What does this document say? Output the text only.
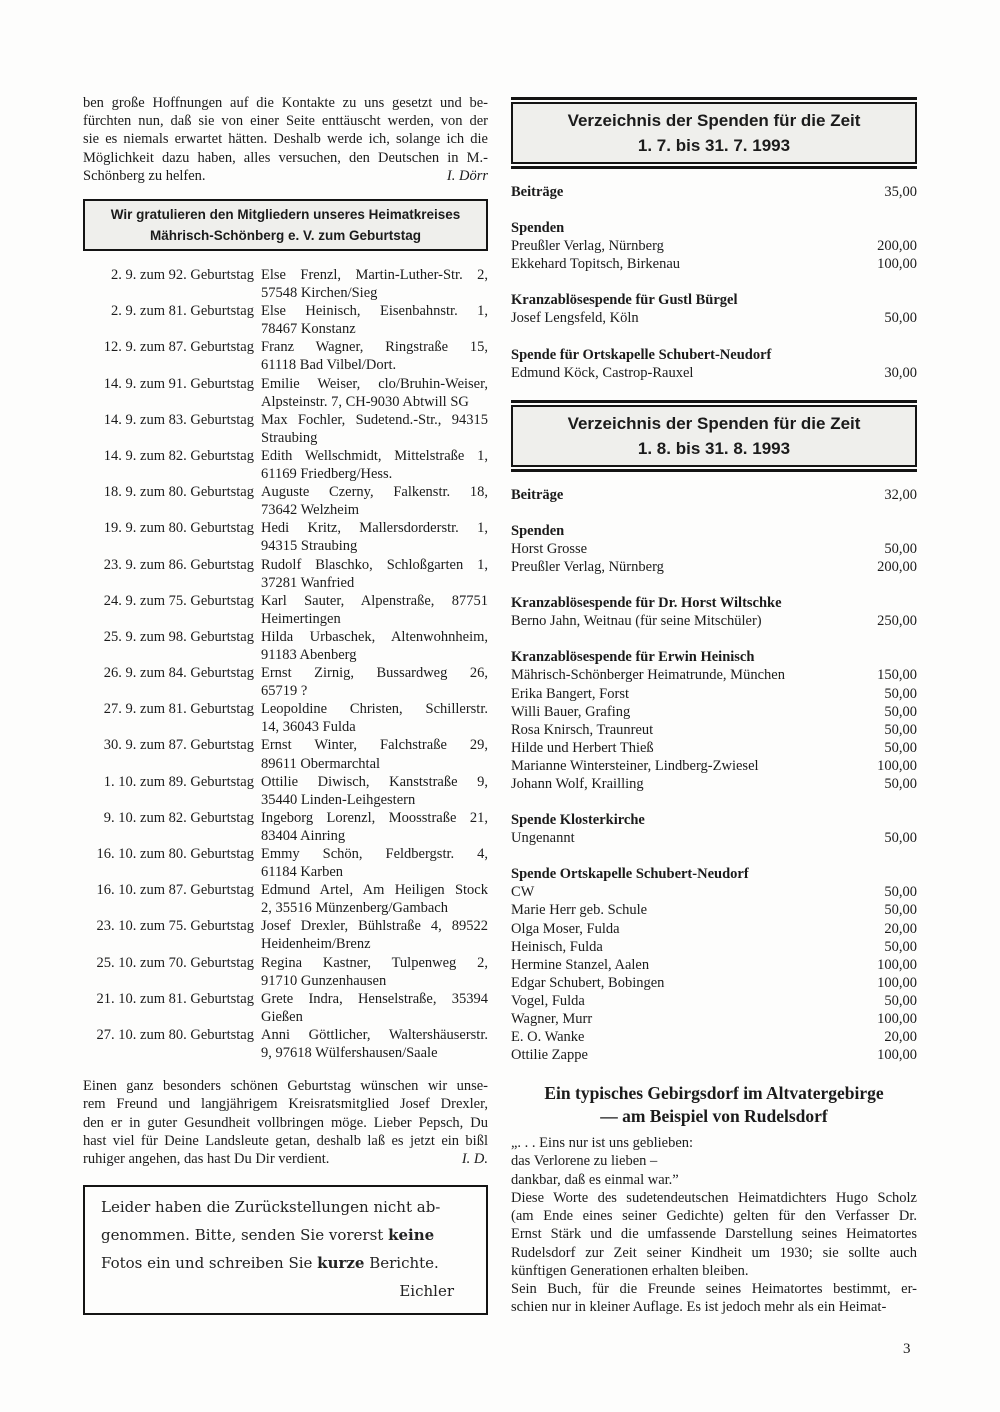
ben große Hoffnungen auf die Kontakte zu uns gesetzt und be-
fürchten nun, daß sie von einer Seite enttäuscht werden, von der
sie es niemals erwartet hätten. Deshalb werde ich, solange ich die
Möglichkeit dazu haben, alles versuchen, den Deutschen in M.-
Schönberg zu helfen.	I. Dörr
Wir gratulieren den Mitgliedern unseres Heimatkreises
Mährisch-Schönberg e. V. zum Geburtstag
2. 9. zum 92. Geburtstag Else Frenzl, Martin-Luther-Str. 2,
57548 Kirchen/Sieg
2. 9. zum 81. Geburtstag Else Heinisch, Eisenbahnstr. 1,
78467 Konstanz
12. 9. zum 87. Geburtstag Franz Wagner, Ringstraße 15,
61118 Bad Vilbel/Dort.
14. 9. zum 91. Geburtstag Emilie Weiser, clo/Bruhin-Weiser,
Alpsteinstr. 7, CH-9030 Abtwill SG
14. 9. zum 83. Geburtstag Max Fochler, Sudetend.-Str., 94315
Straubing
14. 9. zum 82. Geburtstag Edith Wellschmidt, Mittelstraße 1,
61169 Friedberg/Hess.
18. 9. zum 80. Geburtstag Auguste Czerny, Falkenstr. 18,
73642 Welzheim
19. 9. zum 80. Geburtstag Hedi Kritz, Mallersdorderstr. 1,
94315 Straubing
23. 9. zum 86. Geburtstag Rudolf Blaschko, Schloßgarten 1,
37281 Wanfried
24. 9. zum 75. Geburtstag Karl Sauter, Alpenstraße, 87751
Heimertingen
25. 9. zum 98. Geburtstag Hilda Urbaschek, Altenwohnheim,
91183 Abenberg
26. 9. zum 84. Geburtstag Ernst Zirnig, Bussardweg 26,
65719 ?
27. 9. zum 81. Geburtstag Leopoldine Christen, Schillerstr.
14, 36043 Fulda
30. 9. zum 87. Geburtstag Ernst Winter, Falchstraße 29,
89611 Obermarchtal
1. 10. zum 89. Geburtstag Ottilie Diwisch, Kanststraße 9,
35440 Linden-Leihgestern
9. 10. zum 82. Geburtstag Ingeborg Lorenzl, Moosstraße 21,
83404 Ainring
16. 10. zum 80. Geburtstag Emmy Schön, Feldbergstr. 4,
61184 Karben
16. 10. zum 87. Geburtstag Edmund Artel, Am Heiligen Stock
2, 35516 Münzenberg/Gambach
23. 10. zum 75. Geburtstag Josef Drexler, Bühlstraße 4, 89522
Heidenheim/Brenz
25. 10. zum 70. Geburtstag Regina Kastner, Tulpenweg 2,
91710 Gunzenhausen
21. 10. zum 81. Geburtstag Grete Indra, Henselstraße, 35394
Gießen
27. 10. zum 80. Geburtstag Anni Göttlicher, Waltershäuserstr.
9, 97618 Wülfershausen/Saale
Einen ganz besonders schönen Geburtstag wünschen wir unse-
rem Freund und langjährigem Kreisratsmitglied Josef Drexler,
den er in guter Gesundheit vollbringen möge. Lieber Pepsch, Du
hast viel für Deine Landsleute getan, deshalb laß es jetzt ein bißl
ruhiger angehen, das hast Du Dir verdient.	I. D.
Leider haben die Zurückstellungen nicht ab-
genommen. Bitte, senden Sie vorerst keine
Fotos ein und schreiben Sie kurze Berichte.
Eichler
Verzeichnis der Spenden für die Zeit
1. 7. bis 31. 7. 1993
Beiträge	35,00
Spenden
Preußler Verlag, Nürnberg	200,00
Ekkehard Topitsch, Birkenau	100,00
Kranzablösespende für Gustl Bürgel
Josef Lengsfeld, Köln	50,00
Spende für Ortskapelle Schubert-Neudorf
Edmund Köck, Castrop-Rauxel	30,00
Verzeichnis der Spenden für die Zeit
1. 8. bis 31. 8. 1993
Beiträge	32,00
Spenden
Horst Grosse	50,00
Preußler Verlag, Nürnberg	200,00
Kranzablösespende für Dr. Horst Wiltschke
Berno Jahn, Weitnau (für seine Mitschüler)	250,00
Kranzablösespende für Erwin Heinisch
Mährisch-Schönberger Heimatrunde, München	150,00
Erika Bangert, Forst	50,00
Willi Bauer, Grafing	50,00
Rosa Knirsch, Traunreut	50,00
Hilde und Herbert Thieß	50,00
Marianne Wintersteiner, Lindberg-Zwiesel	100,00
Johann Wolf, Krailling	50,00
Spende Klosterkirche
Ungenannt	50,00
Spende Ortskapelle Schubert-Neudorf
CW	50,00
Marie Herr geb. Schule	50,00
Olga Moser, Fulda	20,00
Heinisch, Fulda	50,00
Hermine Stanzel, Aalen	100,00
Edgar Schubert, Bobingen	100,00
Vogel, Fulda	50,00
Wagner, Murr	100,00
E. O. Wanke	20,00
Ottilie Zappe	100,00
Ein typisches Gebirgsdorf im Altvatergebirge
— am Beispiel von Rudelsdorf
„. . . Eins nur ist uns geblieben:
das Verlorene zu lieben –
dankbar, daß es einmal war.”
Diese Worte des sudetendeutschen Heimatdichters Hugo Scholz
(am Ende eines seiner Gedichte) gelten für den Verfasser Dr.
Ernst Stärk und die umfassende Darstellung seines Heimatortes
Rudelsdorf zur Zeit seiner Kindheit um 1930; sie sollte auch
künftigen Generationen erhalten bleiben.
Sein Buch, für die Freunde seines Heimatortes bestimmt, er-
schien nur in kleiner Auflage. Es ist jedoch mehr als ein Heimat-
3
